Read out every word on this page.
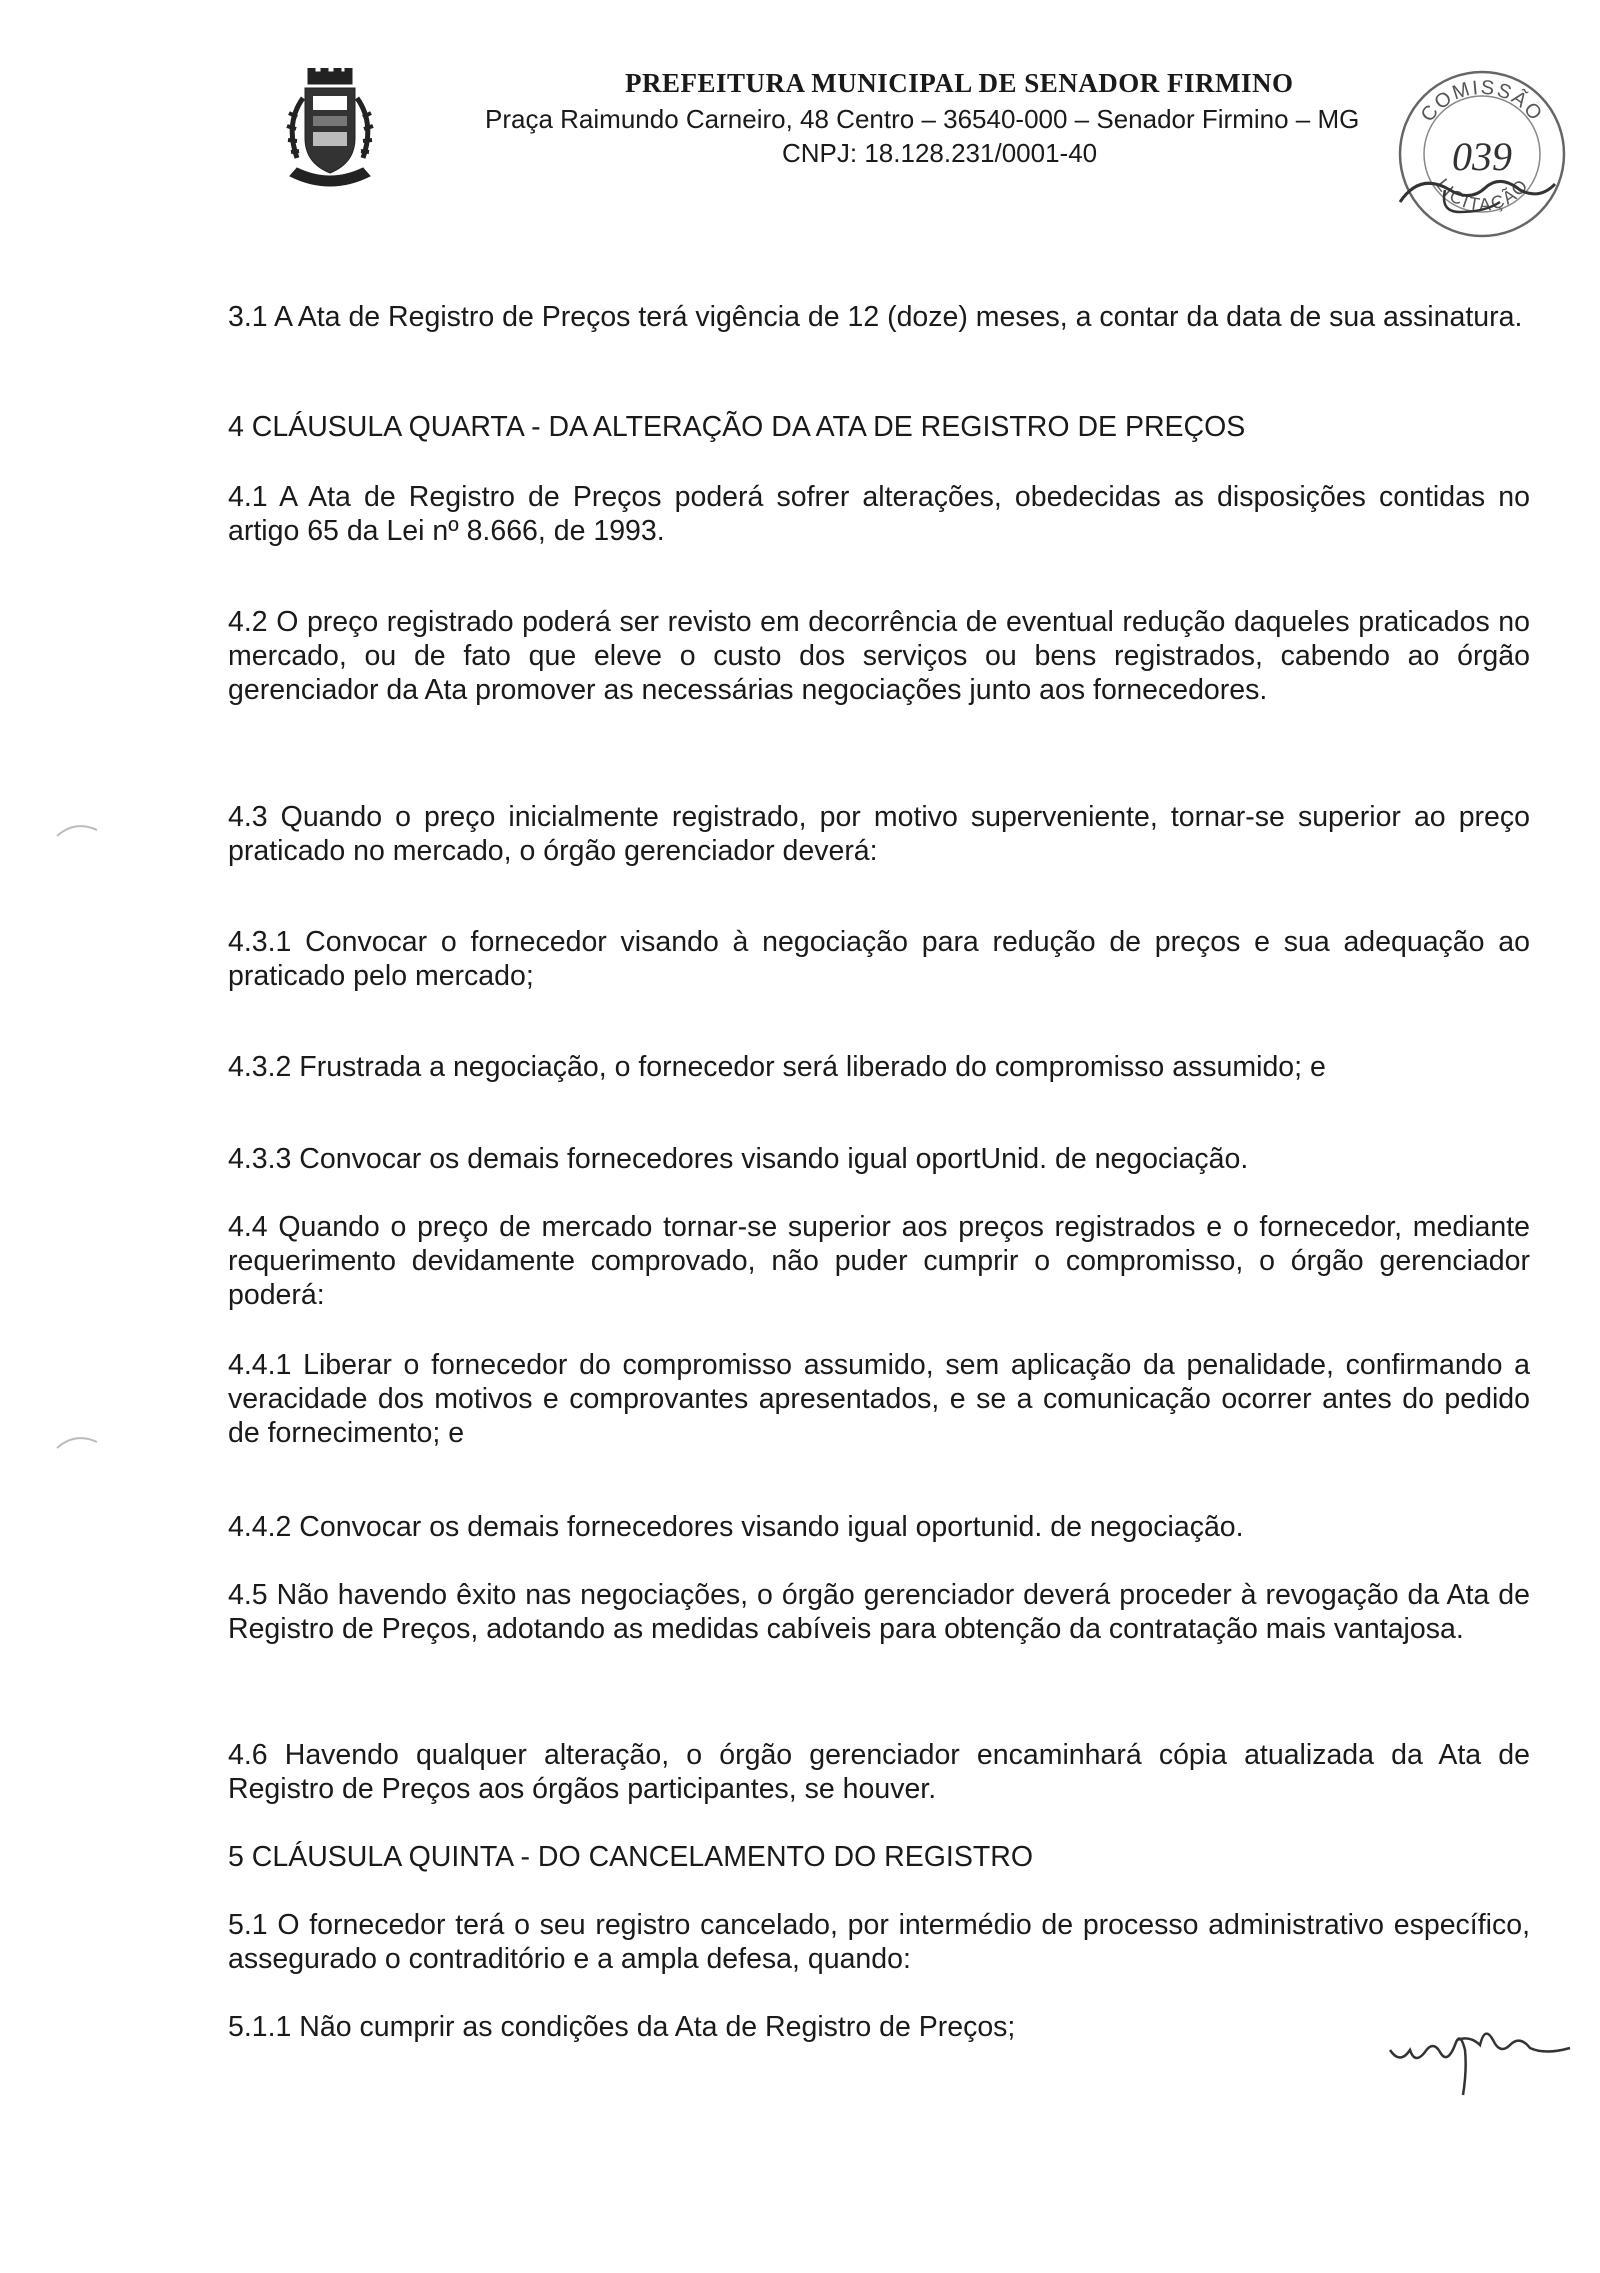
PREFEITURA MUNICIPAL DE SENADOR FIRMINO
Praça Raimundo Carneiro, 48 Centro – 36540-000 – Senador Firmino – MG
CNPJ: 18.128.231/0001-40
COMISSÃO
LICITAÇÃO
039

3.1 A Ata de Registro de Preços terá vigência de 12 (doze) meses, a contar da data de sua assinatura.

4 CLÁUSULA QUARTA - DA ALTERAÇÃO DA ATA DE REGISTRO DE PREÇOS

4.1 A Ata de Registro de Preços poderá sofrer alterações, obedecidas as disposições contidas no artigo 65 da Lei nº 8.666, de 1993.

4.2 O preço registrado poderá ser revisto em decorrência de eventual redução daqueles praticados no mercado, ou de fato que eleve o custo dos serviços ou bens registrados, cabendo ao órgão gerenciador da Ata promover as necessárias negociações junto aos fornecedores.

4.3 Quando o preço inicialmente registrado, por motivo superveniente, tornar-se superior ao preço praticado no mercado, o órgão gerenciador deverá:

4.3.1 Convocar o fornecedor visando à negociação para redução de preços e sua adequação ao praticado pelo mercado;

4.3.2 Frustrada a negociação, o fornecedor será liberado do compromisso assumido; e

4.3.3 Convocar os demais fornecedores visando igual oportUnid. de negociação.

4.4 Quando o preço de mercado tornar-se superior aos preços registrados e o fornecedor, mediante requerimento devidamente comprovado, não puder cumprir o compromisso, o órgão gerenciador poderá:

4.4.1 Liberar o fornecedor do compromisso assumido, sem aplicação da penalidade, confirmando a veracidade dos motivos e comprovantes apresentados, e se a comunicação ocorrer antes do pedido de fornecimento; e

4.4.2 Convocar os demais fornecedores visando igual oportunid. de negociação.

4.5 Não havendo êxito nas negociações, o órgão gerenciador deverá proceder à revogação da Ata de Registro de Preços, adotando as medidas cabíveis para obtenção da contratação mais vantajosa.

4.6 Havendo qualquer alteração, o órgão gerenciador encaminhará cópia atualizada da Ata de Registro de Preços aos órgãos participantes, se houver.

5 CLÁUSULA QUINTA - DO CANCELAMENTO DO REGISTRO

5.1 O fornecedor terá o seu registro cancelado, por intermédio de processo administrativo específico, assegurado o contraditório e a ampla defesa, quando:

5.1.1 Não cumprir as condições da Ata de Registro de Preços;
